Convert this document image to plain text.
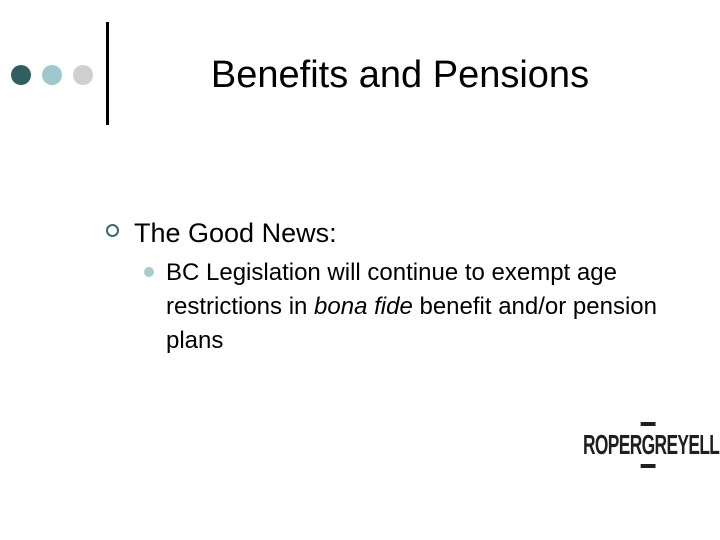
Benefits and Pensions
The Good News:
BC Legislation will continue to exempt age restrictions in bona fide benefit and/or pension plans
ROPERGREYELL
